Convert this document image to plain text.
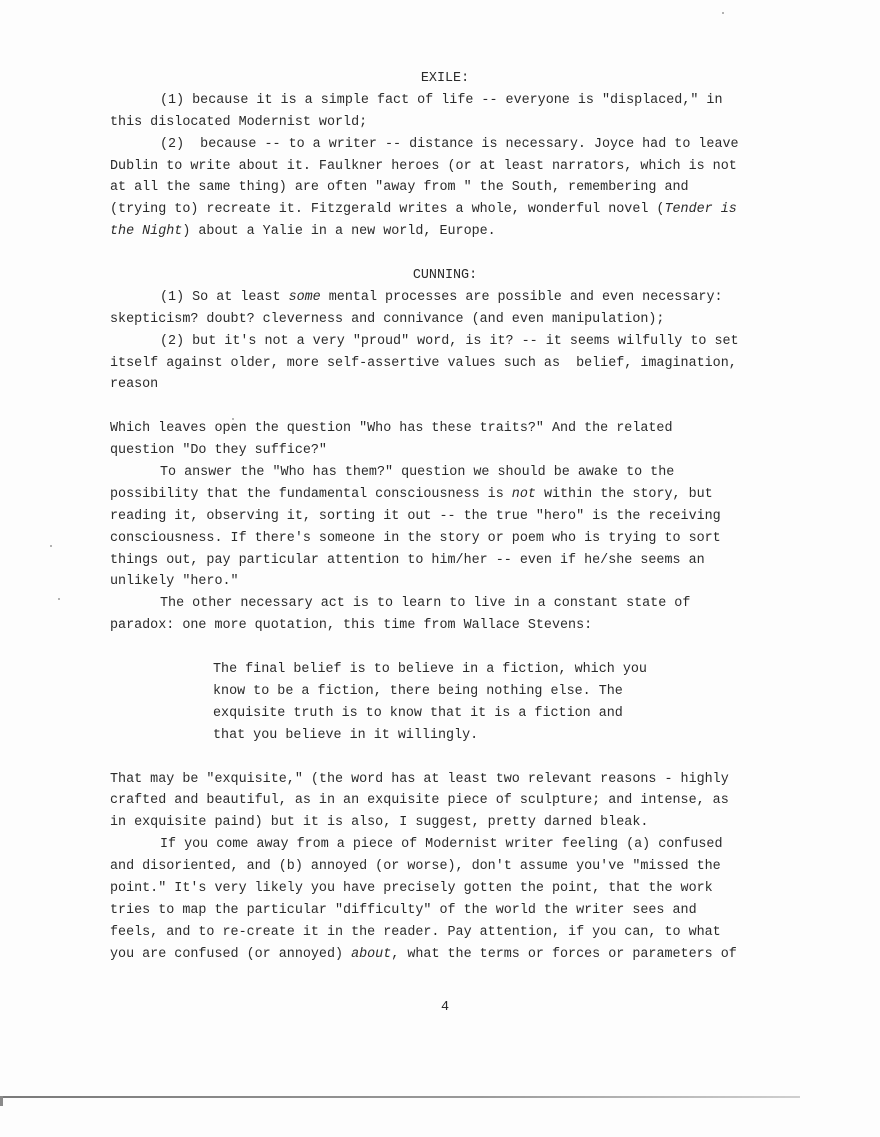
EXILE:
(1) because it is a simple fact of life -- everyone is "displaced," in
this dislocated Modernist world;
(2)  because -- to a writer -- distance is necessary. Joyce had to leave
Dublin to write about it. Faulkner heroes (or at least narrators, which is not
at all the same thing) are often "away from " the South, remembering and
(trying to) recreate it. Fitzgerald writes a whole, wonderful novel (Tender is
the Night) about a Yalie in a new world, Europe.
CUNNING:
(1) So at least some mental processes are possible and even necessary:
skepticism? doubt? cleverness and connivance (and even manipulation);
(2) but it's not a very "proud" word, is it? -- it seems wilfully to set
itself against older, more self-assertive values such as  belief, imagination,
reason
Which leaves open the question "Who has these traits?" And the related
question "Do they suffice?"
To answer the "Who has them?" question we should be awake to the
possibility that the fundamental consciousness is not within the story, but
reading it, observing it, sorting it out -- the true "hero" is the receiving
consciousness. If there's someone in the story or poem who is trying to sort
things out, pay particular attention to him/her -- even if he/she seems an
unlikely "hero."
The other necessary act is to learn to live in a constant state of
paradox: one more quotation, this time from Wallace Stevens:
The final belief is to believe in a fiction, which you
know to be a fiction, there being nothing else. The
exquisite truth is to know that it is a fiction and
that you believe in it willingly.
That may be "exquisite," (the word has at least two relevant reasons - highly
crafted and beautiful, as in an exquisite piece of sculpture; and intense, as
in exquisite paind) but it is also, I suggest, pretty darned bleak.
If you come away from a piece of Modernist writer feeling (a) confused
and disoriented, and (b) annoyed (or worse), don't assume you've "missed the
point." It's very likely you have precisely gotten the point, that the work
tries to map the particular "difficulty" of the world the writer sees and
feels, and to re-create it in the reader. Pay attention, if you can, to what
you are confused (or annoyed) about, what the terms or forces or parameters of
4
